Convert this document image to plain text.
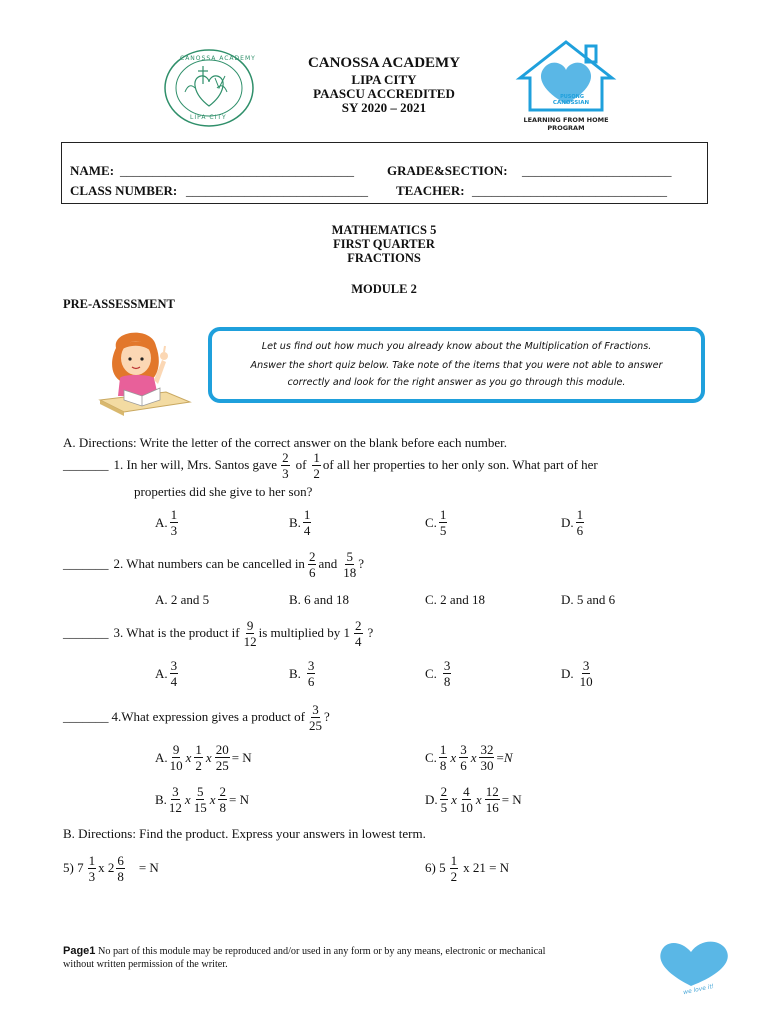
CANOSSA ACADEMY
LIPA CITY
CANOSSA ACADEMY
LIPA CITY
PAASCU ACCREDITED
SY 2020 – 2021
PUSONG
CANOSSIAN
LEARNING FROM HOME
PROGRAM
NAME: ____________________________________	GRADE&SECTION: _______________________
CLASS NUMBER: ____________________________ TEACHER: ______________________________
MATHEMATICS 5
FIRST QUARTER
FRACTIONS
MODULE 2
PRE-ASSESSMENT
Let us find out how much you already know about the Multiplication of Fractions.
Answer the short quiz below. Take note of the items that you were not able to answer
correctly and look for the right answer as you go through this module.
A. Directions: Write the letter of the correct answer on the blank before each number.
_______ 1. In her will, Mrs. Santos gave $\frac{2}{3}$ of $\frac{1}{2}$ of all her properties to her only son. What part of her
properties did she give to her son?
A. $\frac{1}{3}$	B. $\frac{1}{4}$	C. $\frac{1}{5}$	D. $\frac{1}{6}$
_______ 2. What numbers can be cancelled in $\frac{2}{6}$ and $\frac{5}{18}$ ?
A. 2 and 5	B. 6 and 18	C. 2 and 18	D. 5 and 6
_______ 3. What is the product if $\frac{9}{12}$ is multiplied by $1 \frac{2}{4}$ ?
A. $\frac{3}{4}$	B. $\frac{3}{6}$	C. $\frac{3}{8}$	D. $\frac{3}{10}$
_______ 4.What expression gives a product of $\frac{3}{25}$ ?
A. $\frac{9}{10}$ x $\frac{1}{2}$ x $\frac{20}{25} = N$	C. $\frac{1}{8}$ x $\frac{3}{6}$ x $\frac{32}{30} = N$
B. $\frac{3}{12}$ x $\frac{5}{15}$ x $\frac{2}{8} = N$	D. $\frac{2}{5}$ x $\frac{4}{10}$ x $\frac{12}{16} = N$
B. Directions: Find the product. Express your answers in lowest term.
5) $7 \frac{1}{3}$ x $2 \frac{6}{8} = N$	6) $5 \frac{1}{2}$ x 21 = N
Page1 No part of this module may be reproduced and/or used in any form or by any means, electronic or mechanical
without written permission of the writer.
we love it!
